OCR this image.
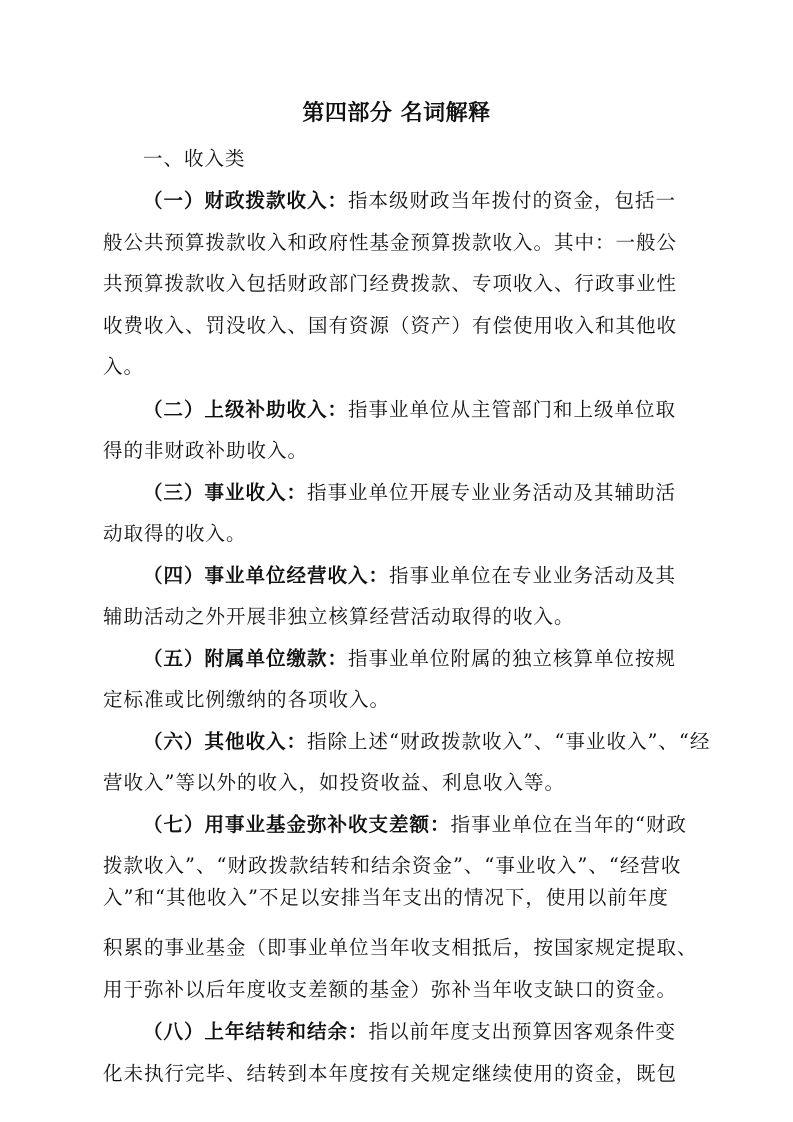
第四部分 名词解释
一、收入类
（一）财政拨款收入：指本级财政当年拨付的资金，包括一
般公共预算拨款收入和政府性基金预算拨款收入。其中：一般公
共预算拨款收入包括财政部门经费拨款、专项收入、行政事业性
收费收入、罚没收入、国有资源（资产）有偿使用收入和其他收
入。
（二）上级补助收入：指事业单位从主管部门和上级单位取
得的非财政补助收入。
（三）事业收入：指事业单位开展专业业务活动及其辅助活
动取得的收入。
（四）事业单位经营收入：指事业单位在专业业务活动及其
辅助活动之外开展非独立核算经营活动取得的收入。
（五）附属单位缴款：指事业单位附属的独立核算单位按规
定标准或比例缴纳的各项收入。
（六）其他收入：指除上述“财政拨款收入”、“事业收入”、“经
营收入”等以外的收入，如投资收益、利息收入等。
（七）用事业基金弥补收支差额：指事业单位在当年的“财政
拨款收入”、“财政拨款结转和结余资金”、“事业收入”、“经营收
入”和“其他收入”不足以安排当年支出的情况下，使用以前年度
积累的事业基金（即事业单位当年收支相抵后，按国家规定提取、
用于弥补以后年度收支差额的基金）弥补当年收支缺口的资金。
（八）上年结转和结余：指以前年度支出预算因客观条件变
化未执行完毕、结转到本年度按有关规定继续使用的资金，既包
